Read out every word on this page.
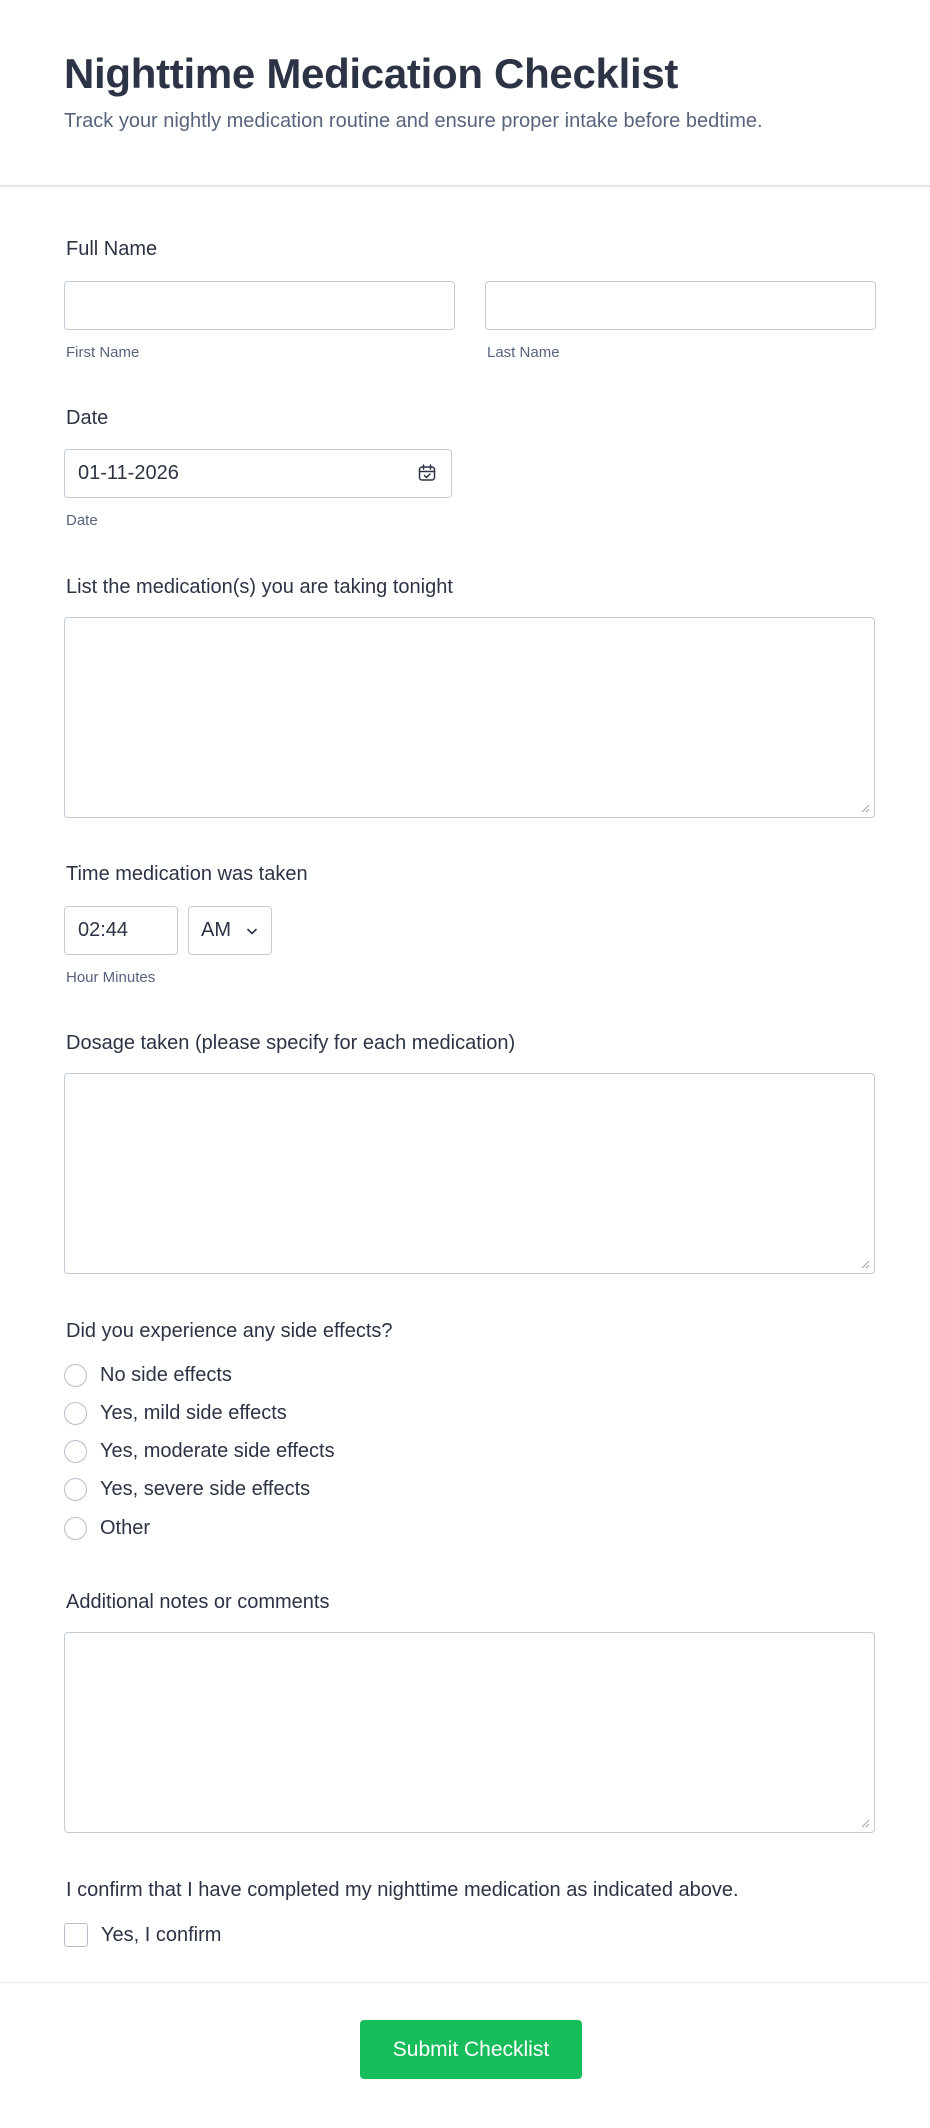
Nighttime Medication Checklist

Track your nightly medication routine and ensure proper intake before bedtime.

Full Name
First Name	Last Name
Date
01-11-2026
Date
List the medication(s) you are taking tonight
Time medication was taken
02:44	AM
Hour Minutes
Dosage taken (please specify for each medication)
Did you experience any side effects?
No side effects
Yes, mild side effects
Yes, moderate side effects
Yes, severe side effects
Other
Additional notes or comments
I confirm that I have completed my nighttime medication as indicated above.
Yes, I confirm
Submit Checklist
